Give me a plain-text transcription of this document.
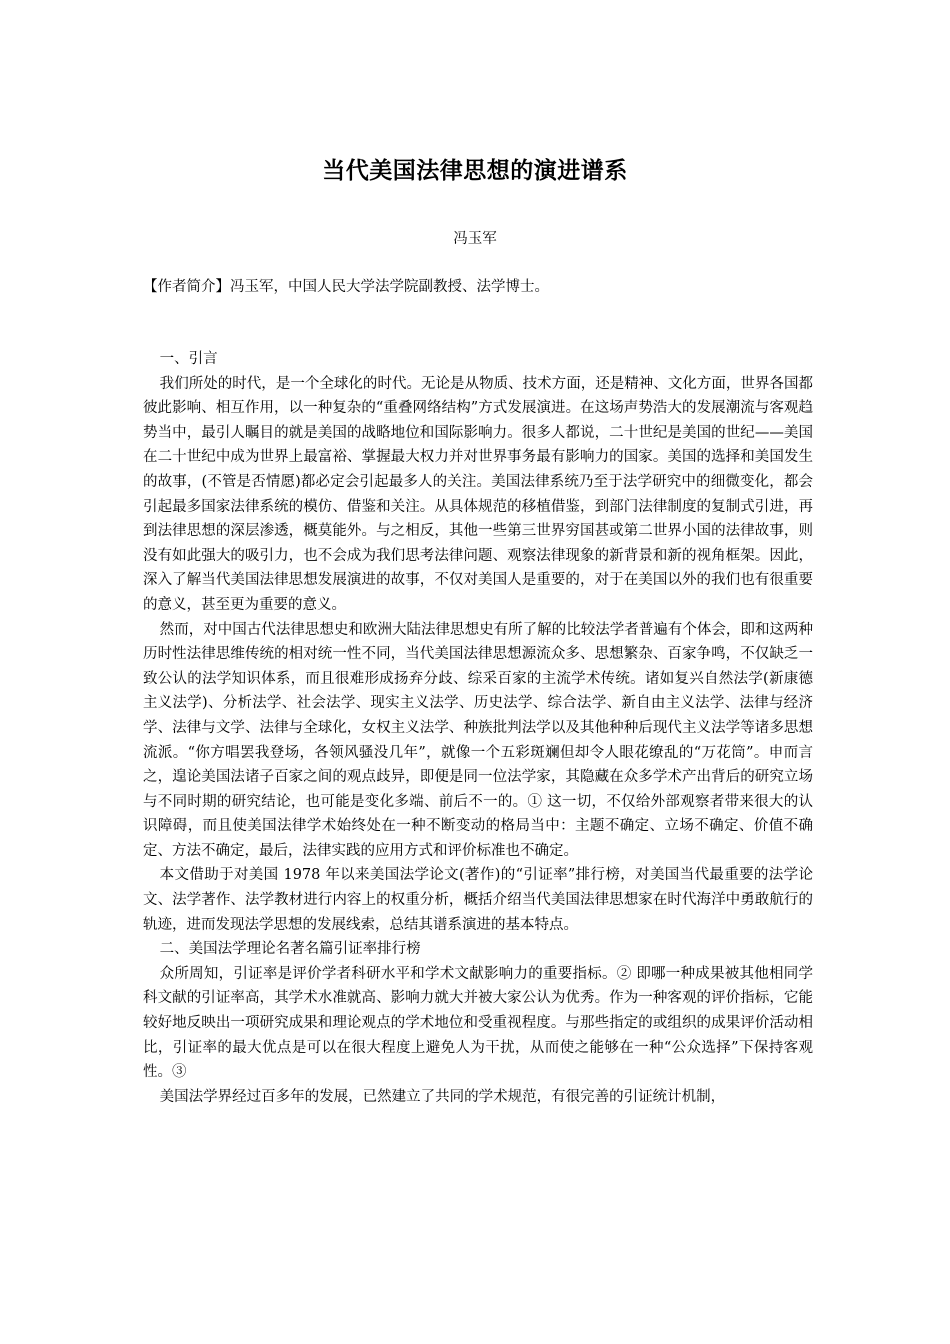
当代美国法律思想的演进谱系
冯玉军
【作者简介】冯玉军，中国人民大学法学院副教授、法学博士。
一、引言

我们所处的时代，是一个全球化的时代。无论是从物质、技术方面，还是精神、文化方面，世界各国都彼此影响、相互作用，以一种复杂的“重叠网络结构”方式发展演进。在这场声势浩大的发展潮流与客观趋势当中，最引人瞩目的就是美国的战略地位和国际影响力。很多人都说，二十世纪是美国的世纪——美国在二十世纪中成为世界上最富裕、掌握最大权力并对世界事务最有影响力的国家。美国的选择和美国发生的故事，(不管是否情愿)都必定会引起最多人的关注。美国法律系统乃至于法学研究中的细微变化，都会引起最多国家法律系统的模仿、借鉴和关注。从具体规范的移植借鉴，到部门法律制度的复制式引进，再到法律思想的深层渗透，概莫能外。与之相反，其他一些第三世界穷国甚或第二世界小国的法律故事，则没有如此强大的吸引力，也不会成为我们思考法律问题、观察法律现象的新背景和新的视角框架。因此，深入了解当代美国法律思想发展演进的故事，不仅对美国人是重要的，对于在美国以外的我们也有很重要的意义，甚至更为重要的意义。

然而，对中国古代法律思想史和欧洲大陆法律思想史有所了解的比较法学者普遍有个体会，即和这两种历时性法律思维传统的相对统一性不同，当代美国法律思想源流众多、思想繁杂、百家争鸣，不仅缺乏一致公认的法学知识体系，而且很难形成扬弃分歧、综采百家的主流学术传统。诸如复兴自然法学(新康德主义法学)、分析法学、社会法学、现实主义法学、历史法学、综合法学、新自由主义法学、法律与经济学、法律与文学、法律与全球化，女权主义法学、种族批判法学以及其他种种后现代主义法学等诸多思想流派。“你方唱罢我登场，各领风骚没几年”，就像一个五彩斑斓但却令人眼花缭乱的“万花筒”。申而言之，遑论美国法诸子百家之间的观点歧异，即便是同一位法学家，其隐藏在众多学术产出背后的研究立场与不同时期的研究结论，也可能是变化多端、前后不一的。① 这一切，不仅给外部观察者带来很大的认识障碍，而且使美国法律学术始终处在一种不断变动的格局当中：主题不确定、立场不确定、价值不确定、方法不确定，最后，法律实践的应用方式和评价标准也不确定。

本文借助于对美国 1978 年以来美国法学论文(著作)的“引证率”排行榜，对美国当代最重要的法学论文、法学著作、法学教材进行内容上的权重分析，概括介绍当代美国法律思想家在时代海洋中勇敢航行的轨迹，进而发现法学思想的发展线索，总结其谱系演进的基本特点。

二、美国法学理论名著名篇引证率排行榜

众所周知，引证率是评价学者科研水平和学术文献影响力的重要指标。② 即哪一种成果被其他相同学科文献的引证率高，其学术水准就高、影响力就大并被大家公认为优秀。作为一种客观的评价指标，它能较好地反映出一项研究成果和理论观点的学术地位和受重视程度。与那些指定的或组织的成果评价活动相比，引证率的最大优点是可以在很大程度上避免人为干扰，从而使之能够在一种“公众选择”下保持客观性。③

美国法学界经过百多年的发展，已然建立了共同的学术规范，有很完善的引证统计机制，
